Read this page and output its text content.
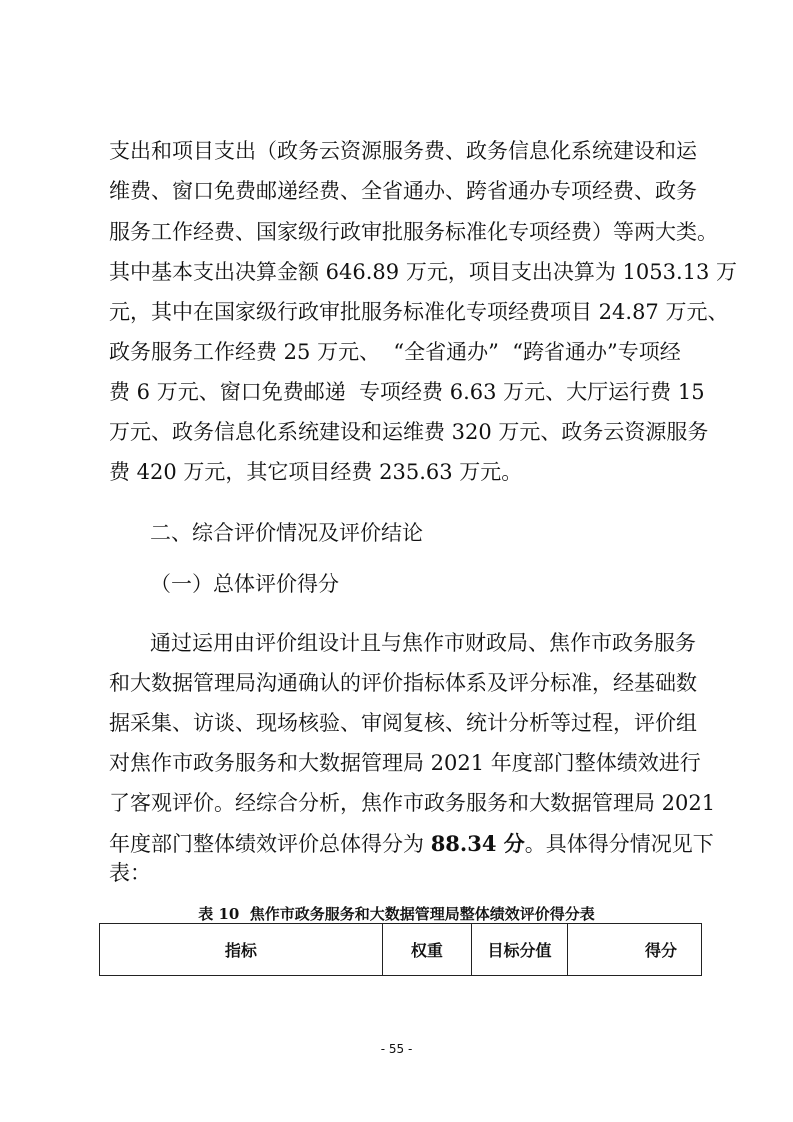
支出和项目支出（政务云资源服务费、政务信息化系统建设和运
维费、窗口免费邮递经费、全省通办、跨省通办专项经费、政务
服务工作经费、国家级行政审批服务标准化专项经费）等两大类。
其中基本支出决算金额 646.89 万元，项目支出决算为 1053.13 万
元，其中在国家级行政审批服务标准化专项经费项目 24.87 万元、
政务服务工作经费 25 万元、  “全省通办”  “跨省通办”专项经
费 6 万元、窗口免费邮递  专项经费 6.63 万元、大厅运行费 15
万元、政务信息化系统建设和运维费 320 万元、政务云资源服务
费 420 万元，其它项目经费 235.63 万元。
二、综合评价情况及评价结论
（一）总体评价得分
通过运用由评价组设计且与焦作市财政局、焦作市政务服务
和大数据管理局沟通确认的评价指标体系及评分标准，经基础数
据采集、访谈、现场核验、审阅复核、统计分析等过程，评价组
对焦作市政务服务和大数据管理局 2021 年度部门整体绩效进行
了客观评价。经综合分析，焦作市政务服务和大数据管理局 2021
年度部门整体绩效评价总体得分为 88.34 分。具体得分情况见下
表：
表 10  焦作市政务服务和大数据管理局整体绩效评价得分表
指标	权重	目标分值	得分
- 55 -
